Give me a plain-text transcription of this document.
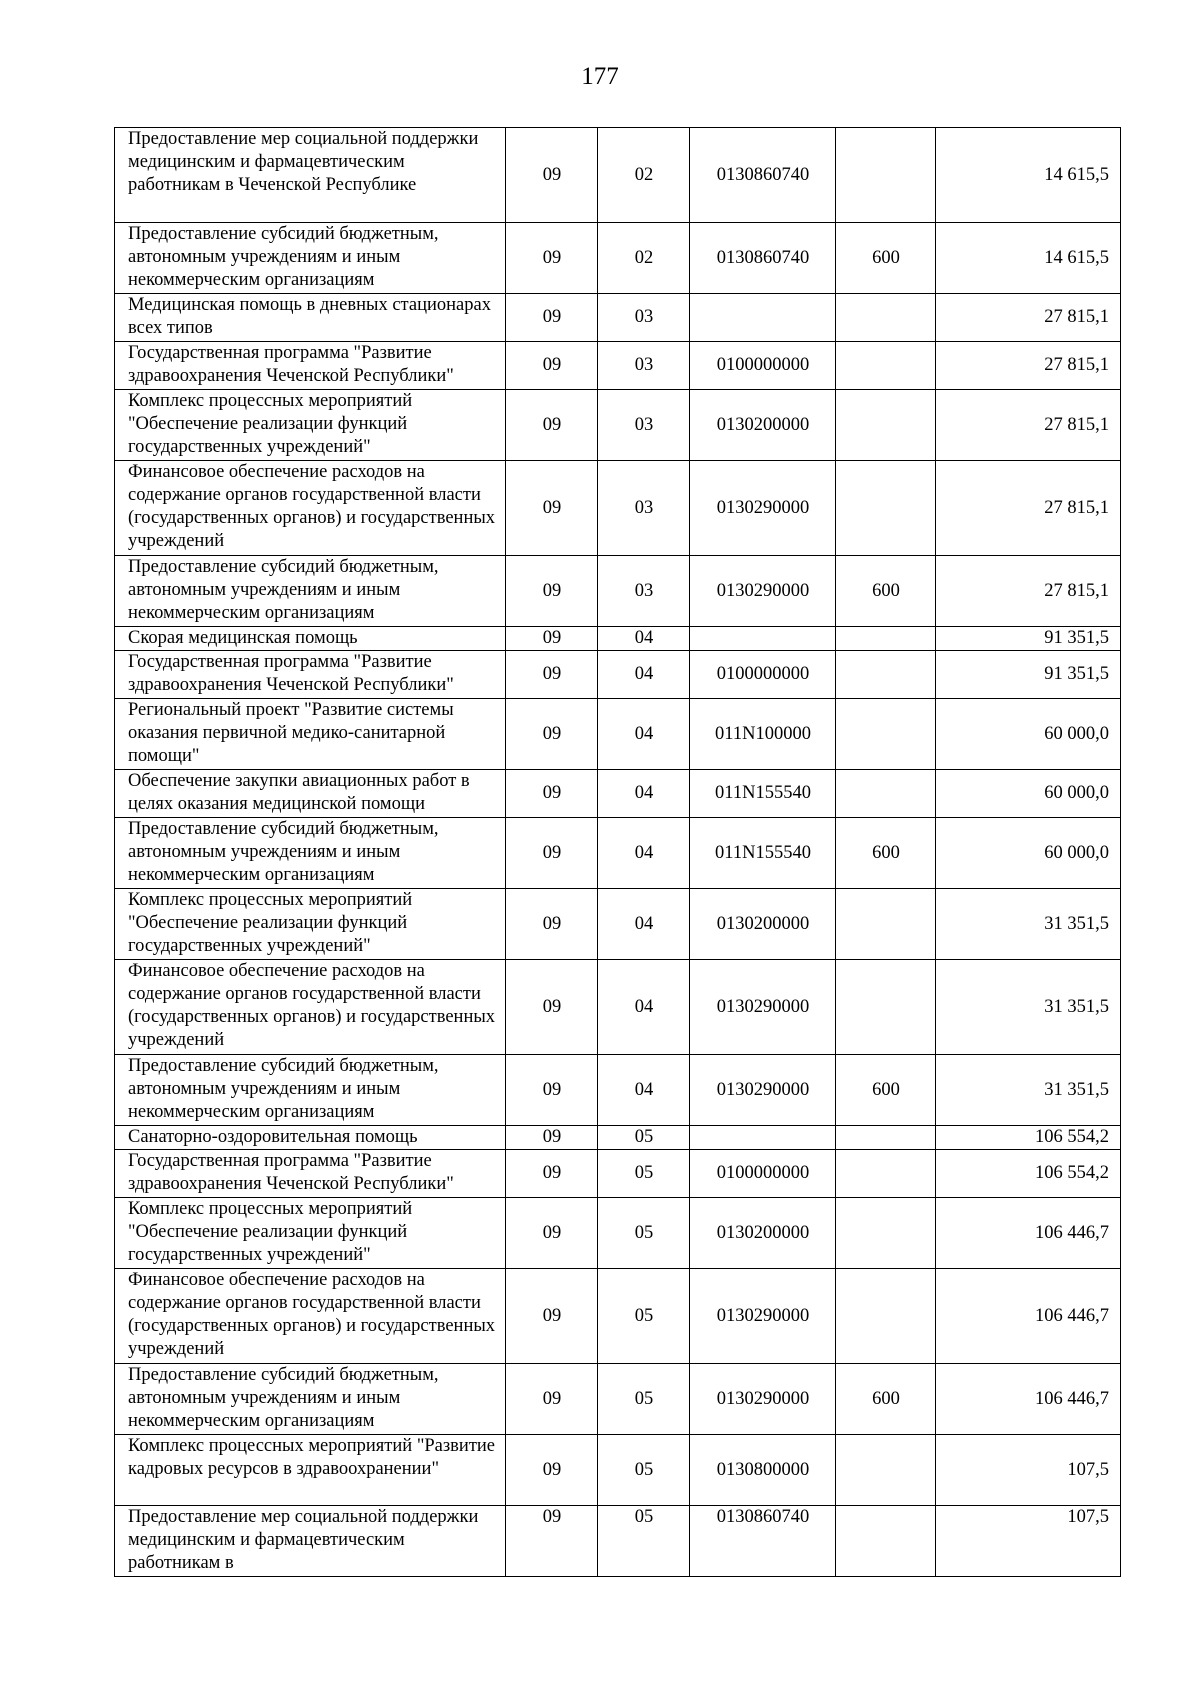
177
Предоставление мер социальной поддержки медицинским и фармацевтическим работникам в Чеченской Республике	09	02	0130860740		14 615,5
Предоставление субсидий бюджетным, автономным учреждениям и иным некоммерческим организациям	09	02	0130860740	600	14 615,5
Медицинская помощь в дневных стационарах всех типов	09	03			27 815,1
Государственная программа "Развитие здравоохранения Чеченской Республики"	09	03	0100000000		27 815,1
Комплекс процессных мероприятий "Обеспечение реализации функций государственных учреждений"	09	03	0130200000		27 815,1
Финансовое обеспечение расходов на содержание органов государственной власти (государственных органов) и государственных учреждений	09	03	0130290000		27 815,1
Предоставление субсидий бюджетным, автономным учреждениям и иным некоммерческим организациям	09	03	0130290000	600	27 815,1
Скорая медицинская помощь	09	04			91 351,5
Государственная программа "Развитие здравоохранения Чеченской Республики"	09	04	0100000000		91 351,5
Региональный проект "Развитие системы оказания первичной медико-санитарной помощи"	09	04	011N100000		60 000,0
Обеспечение закупки авиационных работ в целях оказания медицинской помощи	09	04	011N155540		60 000,0
Предоставление субсидий бюджетным, автономным учреждениям и иным некоммерческим организациям	09	04	011N155540	600	60 000,0
Комплекс процессных мероприятий "Обеспечение реализации функций государственных учреждений"	09	04	0130200000		31 351,5
Финансовое обеспечение расходов на содержание органов государственной власти (государственных органов) и государственных учреждений	09	04	0130290000		31 351,5
Предоставление субсидий бюджетным, автономным учреждениям и иным некоммерческим организациям	09	04	0130290000	600	31 351,5
Санаторно-оздоровительная помощь	09	05			106 554,2
Государственная программа "Развитие здравоохранения Чеченской Республики"	09	05	0100000000		106 554,2
Комплекс процессных мероприятий "Обеспечение реализации функций государственных учреждений"	09	05	0130200000		106 446,7
Финансовое обеспечение расходов на содержание органов государственной власти (государственных органов) и государственных учреждений	09	05	0130290000		106 446,7
Предоставление субсидий бюджетным, автономным учреждениям и иным некоммерческим организациям	09	05	0130290000	600	106 446,7
Комплекс процессных мероприятий "Развитие кадровых ресурсов в здравоохранении"	09	05	0130800000		107,5
Предоставление мер социальной поддержки медицинским и фармацевтическим работникам в	09	05	0130860740		107,5
